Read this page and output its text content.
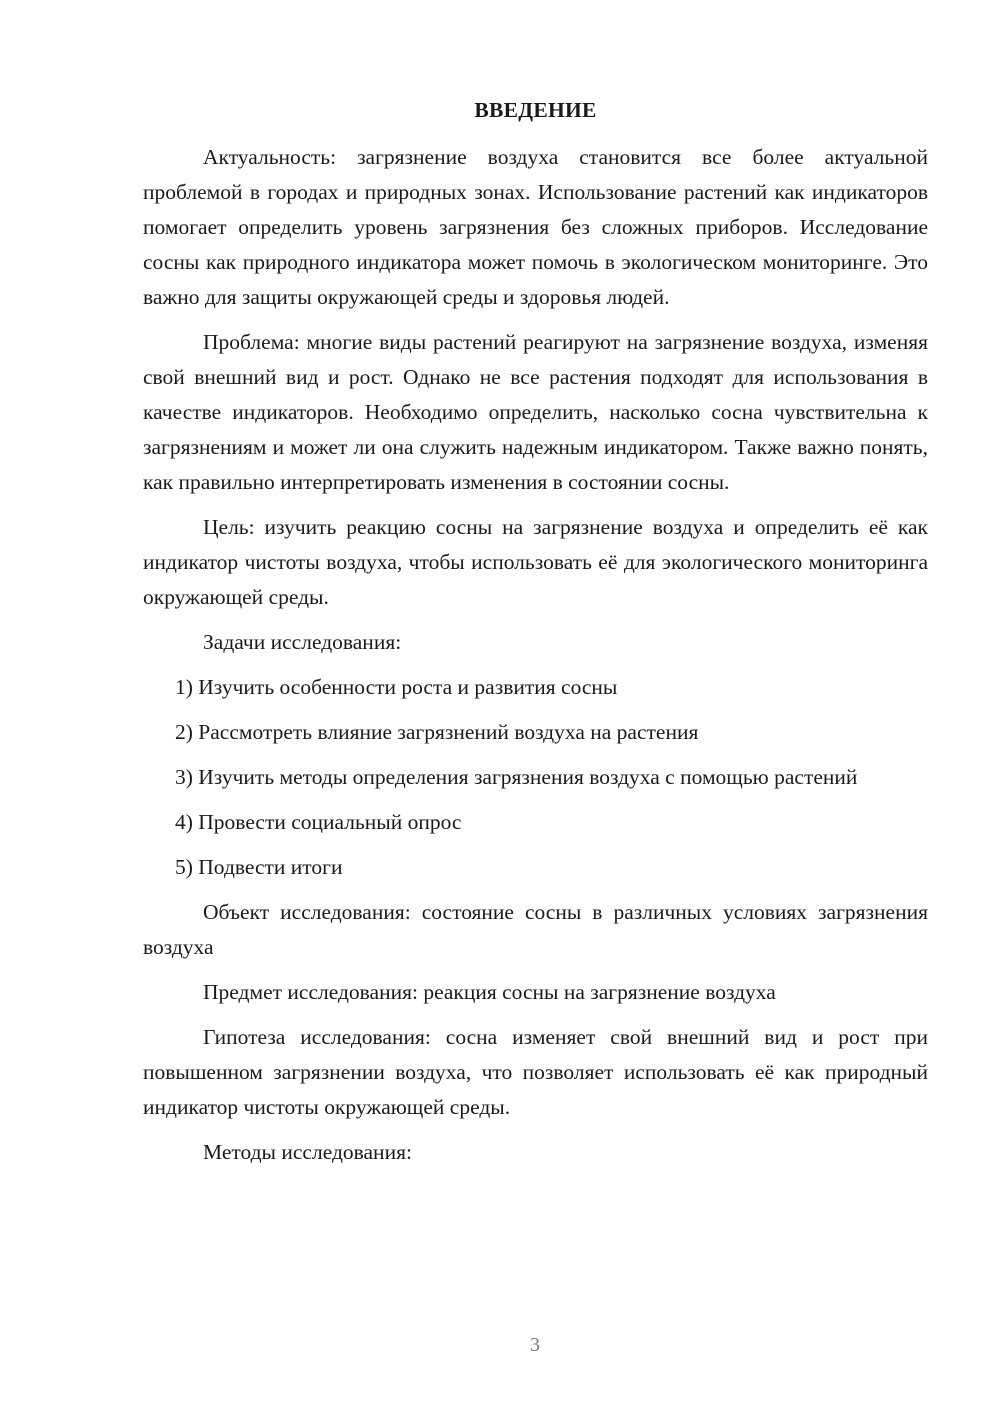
ВВЕДЕНИЕ

Актуальность: загрязнение воздуха становится все более актуальной проблемой в городах и природных зонах. Использование растений как индикаторов помогает определить уровень загрязнения без сложных приборов. Исследование сосны как природного индикатора может помочь в экологическом мониторинге. Это важно для защиты окружающей среды и здоровья людей.

Проблема: многие виды растений реагируют на загрязнение воздуха, изменяя свой внешний вид и рост. Однако не все растения подходят для использования в качестве индикаторов. Необходимо определить, насколько сосна чувствительна к загрязнениям и может ли она служить надежным индикатором. Также важно понять, как правильно интерпретировать изменения в состоянии сосны.

Цель: изучить реакцию сосны на загрязнение воздуха и определить её как индикатор чистоты воздуха, чтобы использовать её для экологического мониторинга окружающей среды.

Задачи исследования:

1) Изучить особенности роста и развития сосны

2) Рассмотреть влияние загрязнений воздуха на растения

3) Изучить методы определения загрязнения воздуха с помощью растений

4) Провести социальный опрос

5) Подвести итоги

Объект исследования: состояние сосны в различных условиях загрязнения воздуха

Предмет исследования: реакция сосны на загрязнение воздуха

Гипотеза исследования: сосна изменяет свой внешний вид и рост при повышенном загрязнении воздуха, что позволяет использовать её как природный индикатор чистоты окружающей среды.

Методы исследования:

3
